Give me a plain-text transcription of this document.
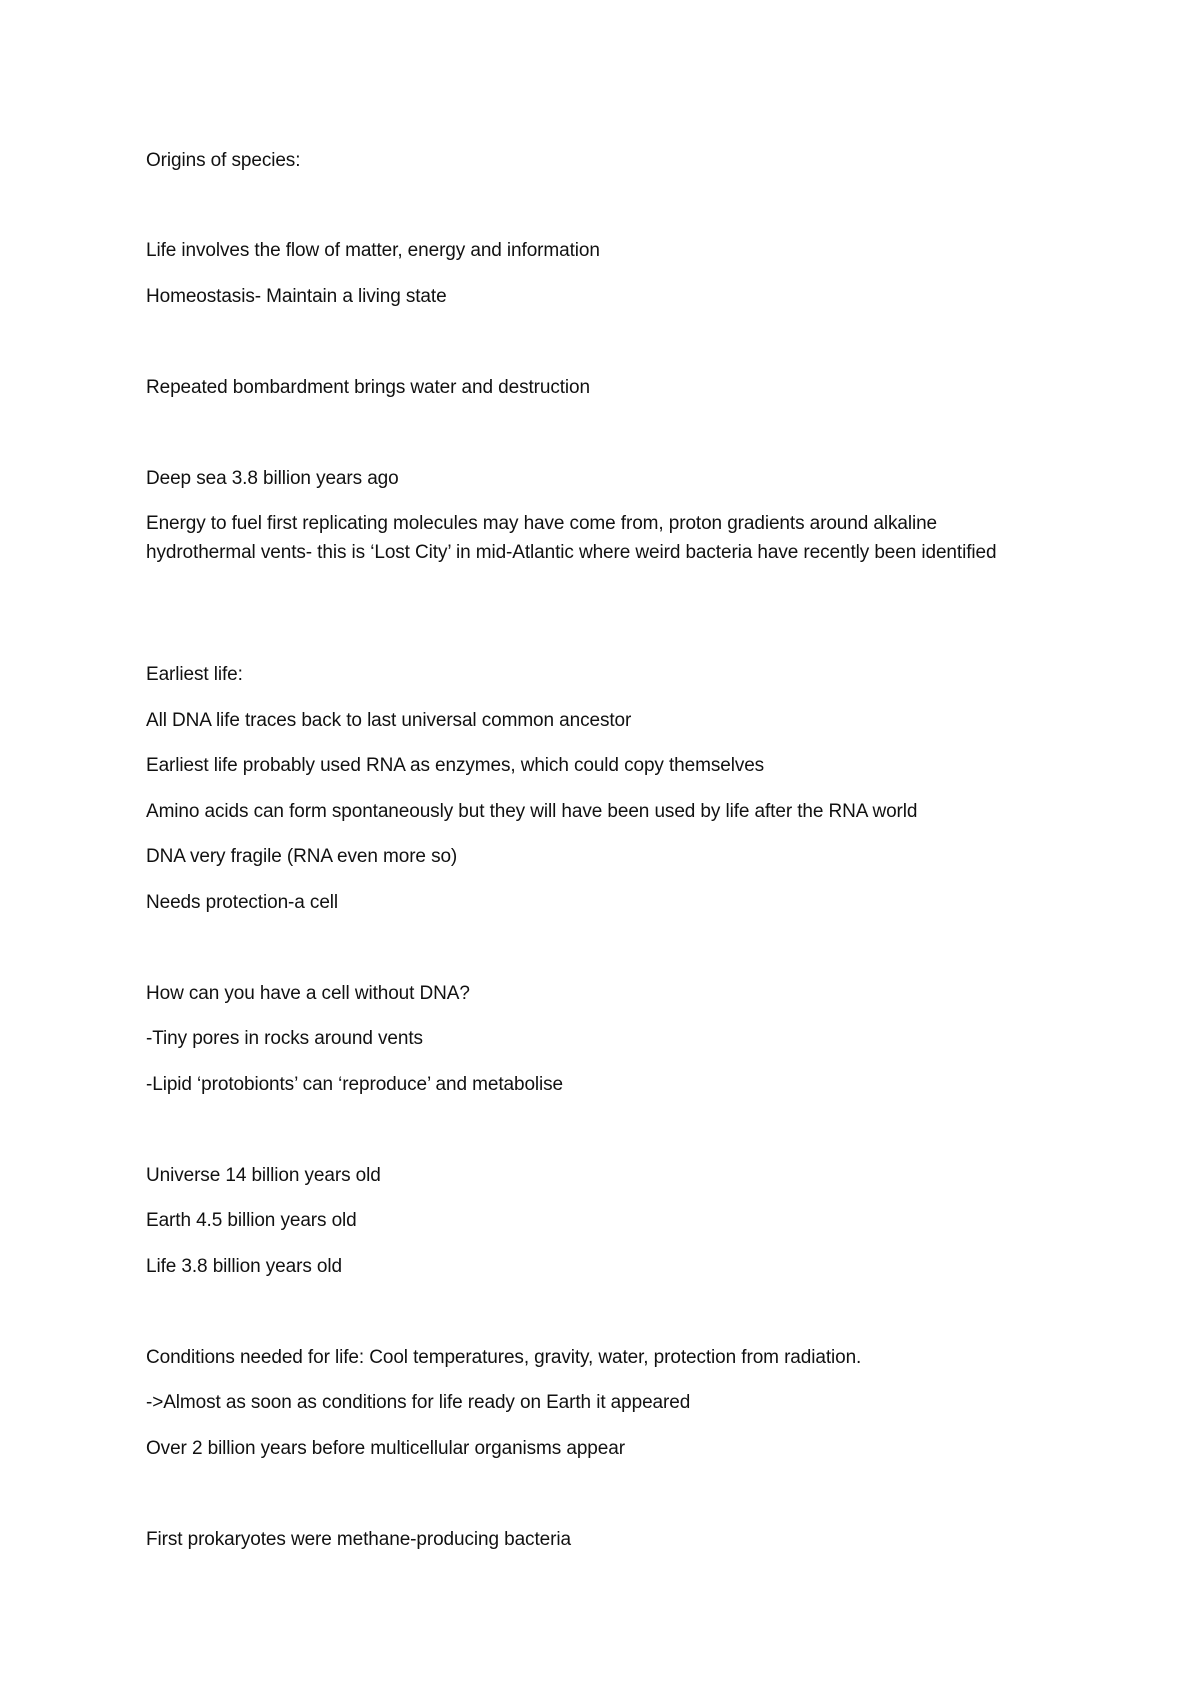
Origins of species:

Life involves the flow of matter, energy and information

Homeostasis- Maintain a living state

Repeated bombardment brings water and destruction

Deep sea 3.8 billion years ago

Energy to fuel first replicating molecules may have come from, proton gradients around alkaline hydrothermal vents- this is ‘Lost City’ in mid-Atlantic where weird bacteria have recently been identified

Earliest life:

All DNA life traces back to last universal common ancestor

Earliest life probably used RNA as enzymes, which could copy themselves

Amino acids can form spontaneously but they will have been used by life after the RNA world

DNA very fragile (RNA even more so)

Needs protection-a cell

How can you have a cell without DNA?

-Tiny pores in rocks around vents

-Lipid ‘protobionts’ can ‘reproduce’ and metabolise

Universe 14 billion years old

Earth 4.5 billion years old

Life 3.8 billion years old

Conditions needed for life: Cool temperatures, gravity, water, protection from radiation.

->Almost as soon as conditions for life ready on Earth it appeared

Over 2 billion years before multicellular organisms appear

First prokaryotes were methane-producing bacteria
